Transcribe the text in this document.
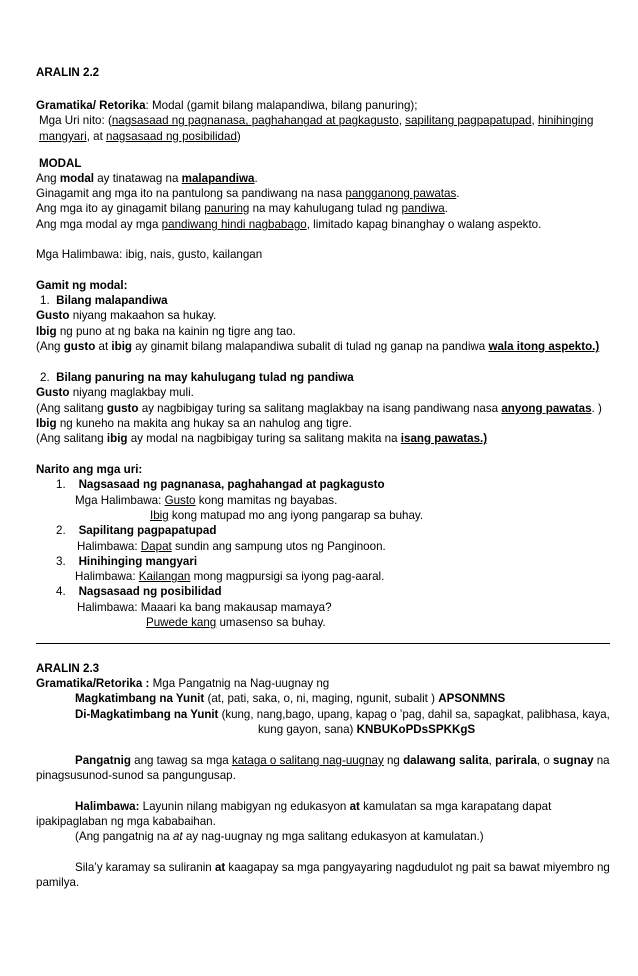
ARALIN 2.2
Gramatika/ Retorika: Modal (gamit bilang malapandiwa, bilang panuring);
Mga Uri nito: (nagsasaad ng pagnanasa, paghahangad at pagkagusto, sapilitang pagpapatupad, hinihinging
mangyari, at nagsasaad ng posibilidad)
MODAL
Ang modal ay tinatawag na malapandiwa.
Ginagamit ang mga ito na pantulong sa pandiwang na nasa pangganong pawatas.
Ang mga ito ay ginagamit bilang panuring na may kahulugang tulad ng pandiwa.
Ang mga modal ay mga pandiwang hindi nagbabago, limitado kapag binanghay o walang aspekto.
Mga Halimbawa: ibig, nais, gusto, kailangan
Gamit ng modal:
1. Bilang malapandiwa
Gusto niyang makaahon sa hukay.
Ibig ng puno at ng baka na kainin ng tigre ang tao.
(Ang gusto at ibig ay ginamit bilang malapandiwa subalit di tulad ng ganap na pandiwa wala itong aspekto.)
2. Bilang panuring na may kahulugang tulad ng pandiwa
Gusto niyang maglakbay muli.
(Ang salitang gusto ay nagbibigay turing sa salitang maglakbay na isang pandiwang nasa anyong pawatas. )
Ibig ng kuneho na makita ang hukay sa an nahulog ang tigre.
(Ang salitang ibig ay modal na nagbibigay turing sa salitang makita na isang pawatas.)
Narito ang mga uri:
1. Nagsasaad ng pagnanasa, paghahangad at pagkagusto
Mga Halimbawa: Gusto kong mamitas ng bayabas.
Ibig kong matupad mo ang iyong pangarap sa buhay.
2. Sapilitang pagpapatupad
Halimbawa: Dapat sundin ang sampung utos ng Panginoon.
3. Hinihinging mangyari
Halimbawa: Kailangan mong magpursigi sa iyong pag-aaral.
4. Nagsasaad ng posibilidad
Halimbawa: Maaari ka bang makausap mamaya?
Puwede kang umasenso sa buhay.
ARALIN 2.3
Gramatika/Retorika : Mga Pangatnig na Nag-uugnay ng
Magkatimbang na Yunit (at, pati, saka, o, ni, maging, ngunit, subalit ) APSONMNS
Di-Magkatimbang na Yunit (kung, nang,bago, upang, kapag o ’pag, dahil sa, sapagkat, palibhasa, kaya,
kung gayon, sana) KNBUKoPDsSPKKgS
Pangatnig ang tawag sa mga kataga o salitang nag-uugnay ng dalawang salita, parirala, o sugnay na
pinagsusunod-sunod sa pangungusap.
Halimbawa: Layunin nilang mabigyan ng edukasyon at kamulatan sa mga karapatang dapat
ipakipaglaban ng mga kababaihan.
(Ang pangatnig na at ay nag-uugnay ng mga salitang edukasyon at kamulatan.)
Sila’y karamay sa suliranin at kaagapay sa mga pangyayaring nagdudulot ng pait sa bawat miyembro ng
pamilya.
